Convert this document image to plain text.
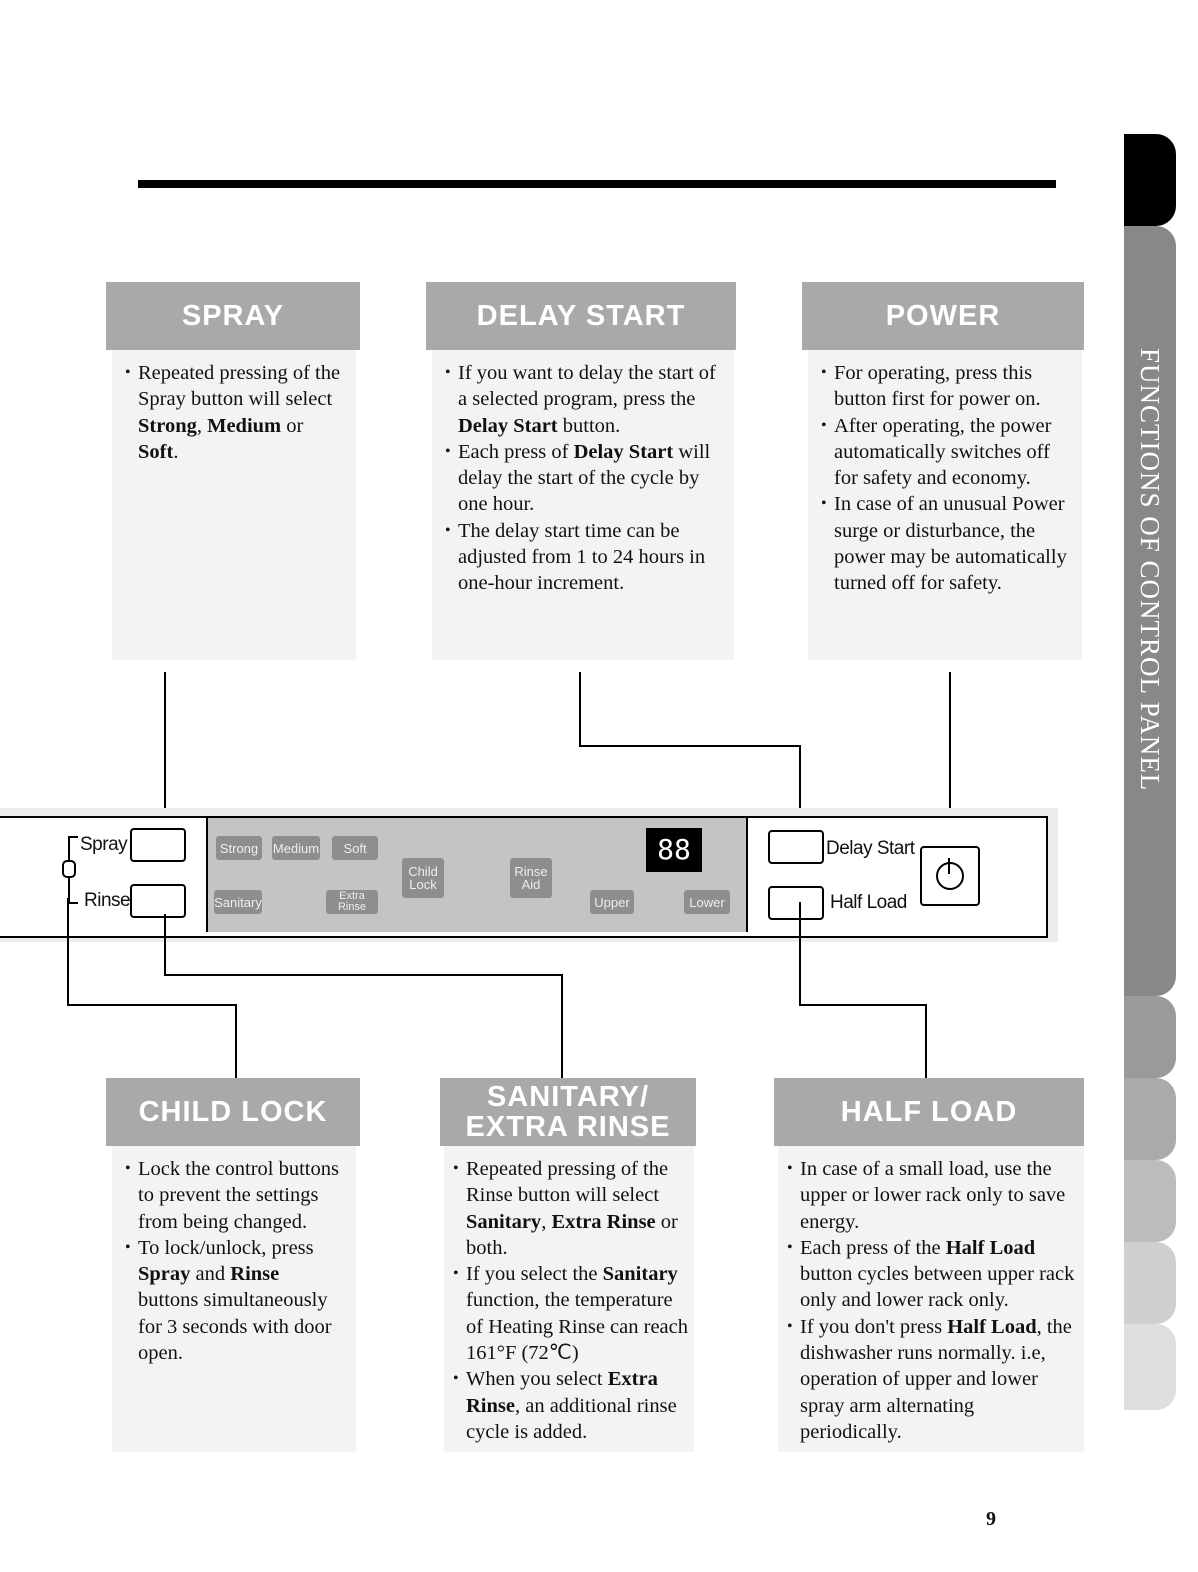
FUNCTIONS OF CONTROL PANEL
SPRAY
• Repeated pressing of the Spray button will select Strong, Medium or Soft.
DELAY START
• If you want to delay the start of a selected program, press the Delay Start button.
• Each press of Delay Start will delay the start of the cycle by one hour.
• The delay start time can be adjusted from 1 to 24 hours in one-hour increment.
POWER
• For operating, press this button first for power on.
• After operating, the power automatically switches off for safety and economy.
• In case of an unusual Power surge or disturbance, the power may be automatically turned off for safety.
Spray
Rinse
Strong Medium	Soft
Sanitary	Extra Rinse
Child Lock
Rinse Aid
Upper	Lower
88	Delay Start
Half Load
CHILD LOCK
• Lock the control buttons to prevent the settings from being changed.
• To lock/unlock, press Spray and Rinse buttons simultaneously for 3 seconds with door open.
SANITARY/
EXTRA RINSE
• Repeated pressing of the Rinse button will select Sanitary, Extra Rinse or both.
• If you select the Sanitary function, the temperature of Heating Rinse can reach 161°F (72℃)
• When you select Extra Rinse, an additional rinse cycle is added.
HALF LOAD
• In case of a small load, use the upper or lower rack only to save energy.
• Each press of the Half Load button cycles between upper rack only and lower rack only.
• If you don't press Half Load, the dishwasher runs normally. i.e, operation of upper and lower spray arm alternating periodically.
9
